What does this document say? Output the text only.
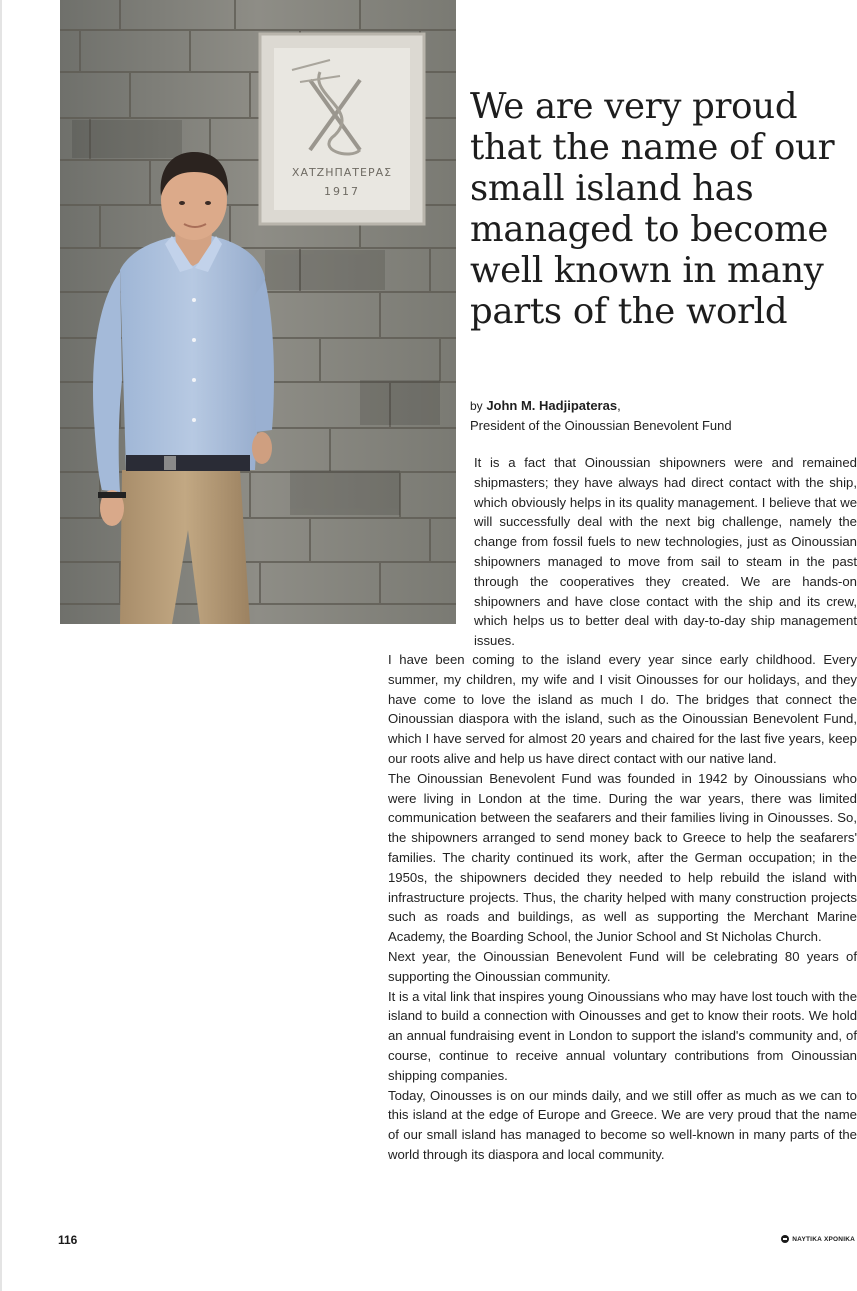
ΧΑΤΖΗΠΑΤΕΡΑΣ
1917
We are very proud that the name of our small island has managed to become well known in many parts of the world
by John M. Hadjipateras,
President of the Oinoussian Benevolent Fund

It is a fact that Oinoussian shipowners were and remained shipmasters; they have always had direct contact with the ship, which obviously helps in its quality management. I believe that we will successfully deal with the next big challenge, namely the change from fossil fuels to new technologies, just as Oinoussian shipowners managed to move from sail to steam in the past through the cooperatives they created. We are hands-on shipowners and have close contact with the ship and its crew, which helps us to better deal with day-to-day ship management issues.

I have been coming to the island every year since early childhood. Every summer, my children, my wife and I visit Oinousses for our holidays, and they have come to love the island as much I do. The bridges that connect the Oinoussian diaspora with the island, such as the Oinoussian Benevolent Fund, which I have served for almost 20 years and chaired for the last five years, keep our roots alive and help us have direct contact with our native land.

The Oinoussian Benevolent Fund was founded in 1942 by Oinoussians who were living in London at the time. During the war years, there was limited communication between the seafarers and their families living in Oinousses. So, the shipowners arranged to send money back to Greece to help the seafarers' families. The charity continued its work, after the German occupation; in the 1950s, the shipowners decided they needed to help rebuild the island with infrastructure projects. Thus, the charity helped with many construction projects such as roads and buildings, as well as supporting the Merchant Marine Academy, the Boarding School, the Junior School and St Nicholas Church.

Next year, the Oinoussian Benevolent Fund will be celebrating 80 years of supporting the Oinoussian community.

It is a vital link that inspires young Oinoussians who may have lost touch with the island to build a connection with Oinousses and get to know their roots. We hold an annual fundraising event in London to support the island's community and, of course, continue to receive annual voluntary contributions from Oinoussian shipping companies.

Today, Oinousses is on our minds daily, and we still offer as much as we can to this island at the edge of Europe and Greece. We are very proud that the name of our small island has managed to become so well-known in many parts of the world through its diaspora and local community.

116	ΝΑΥΤΙΚΑ ΧΡΟΝΙΚΑ
